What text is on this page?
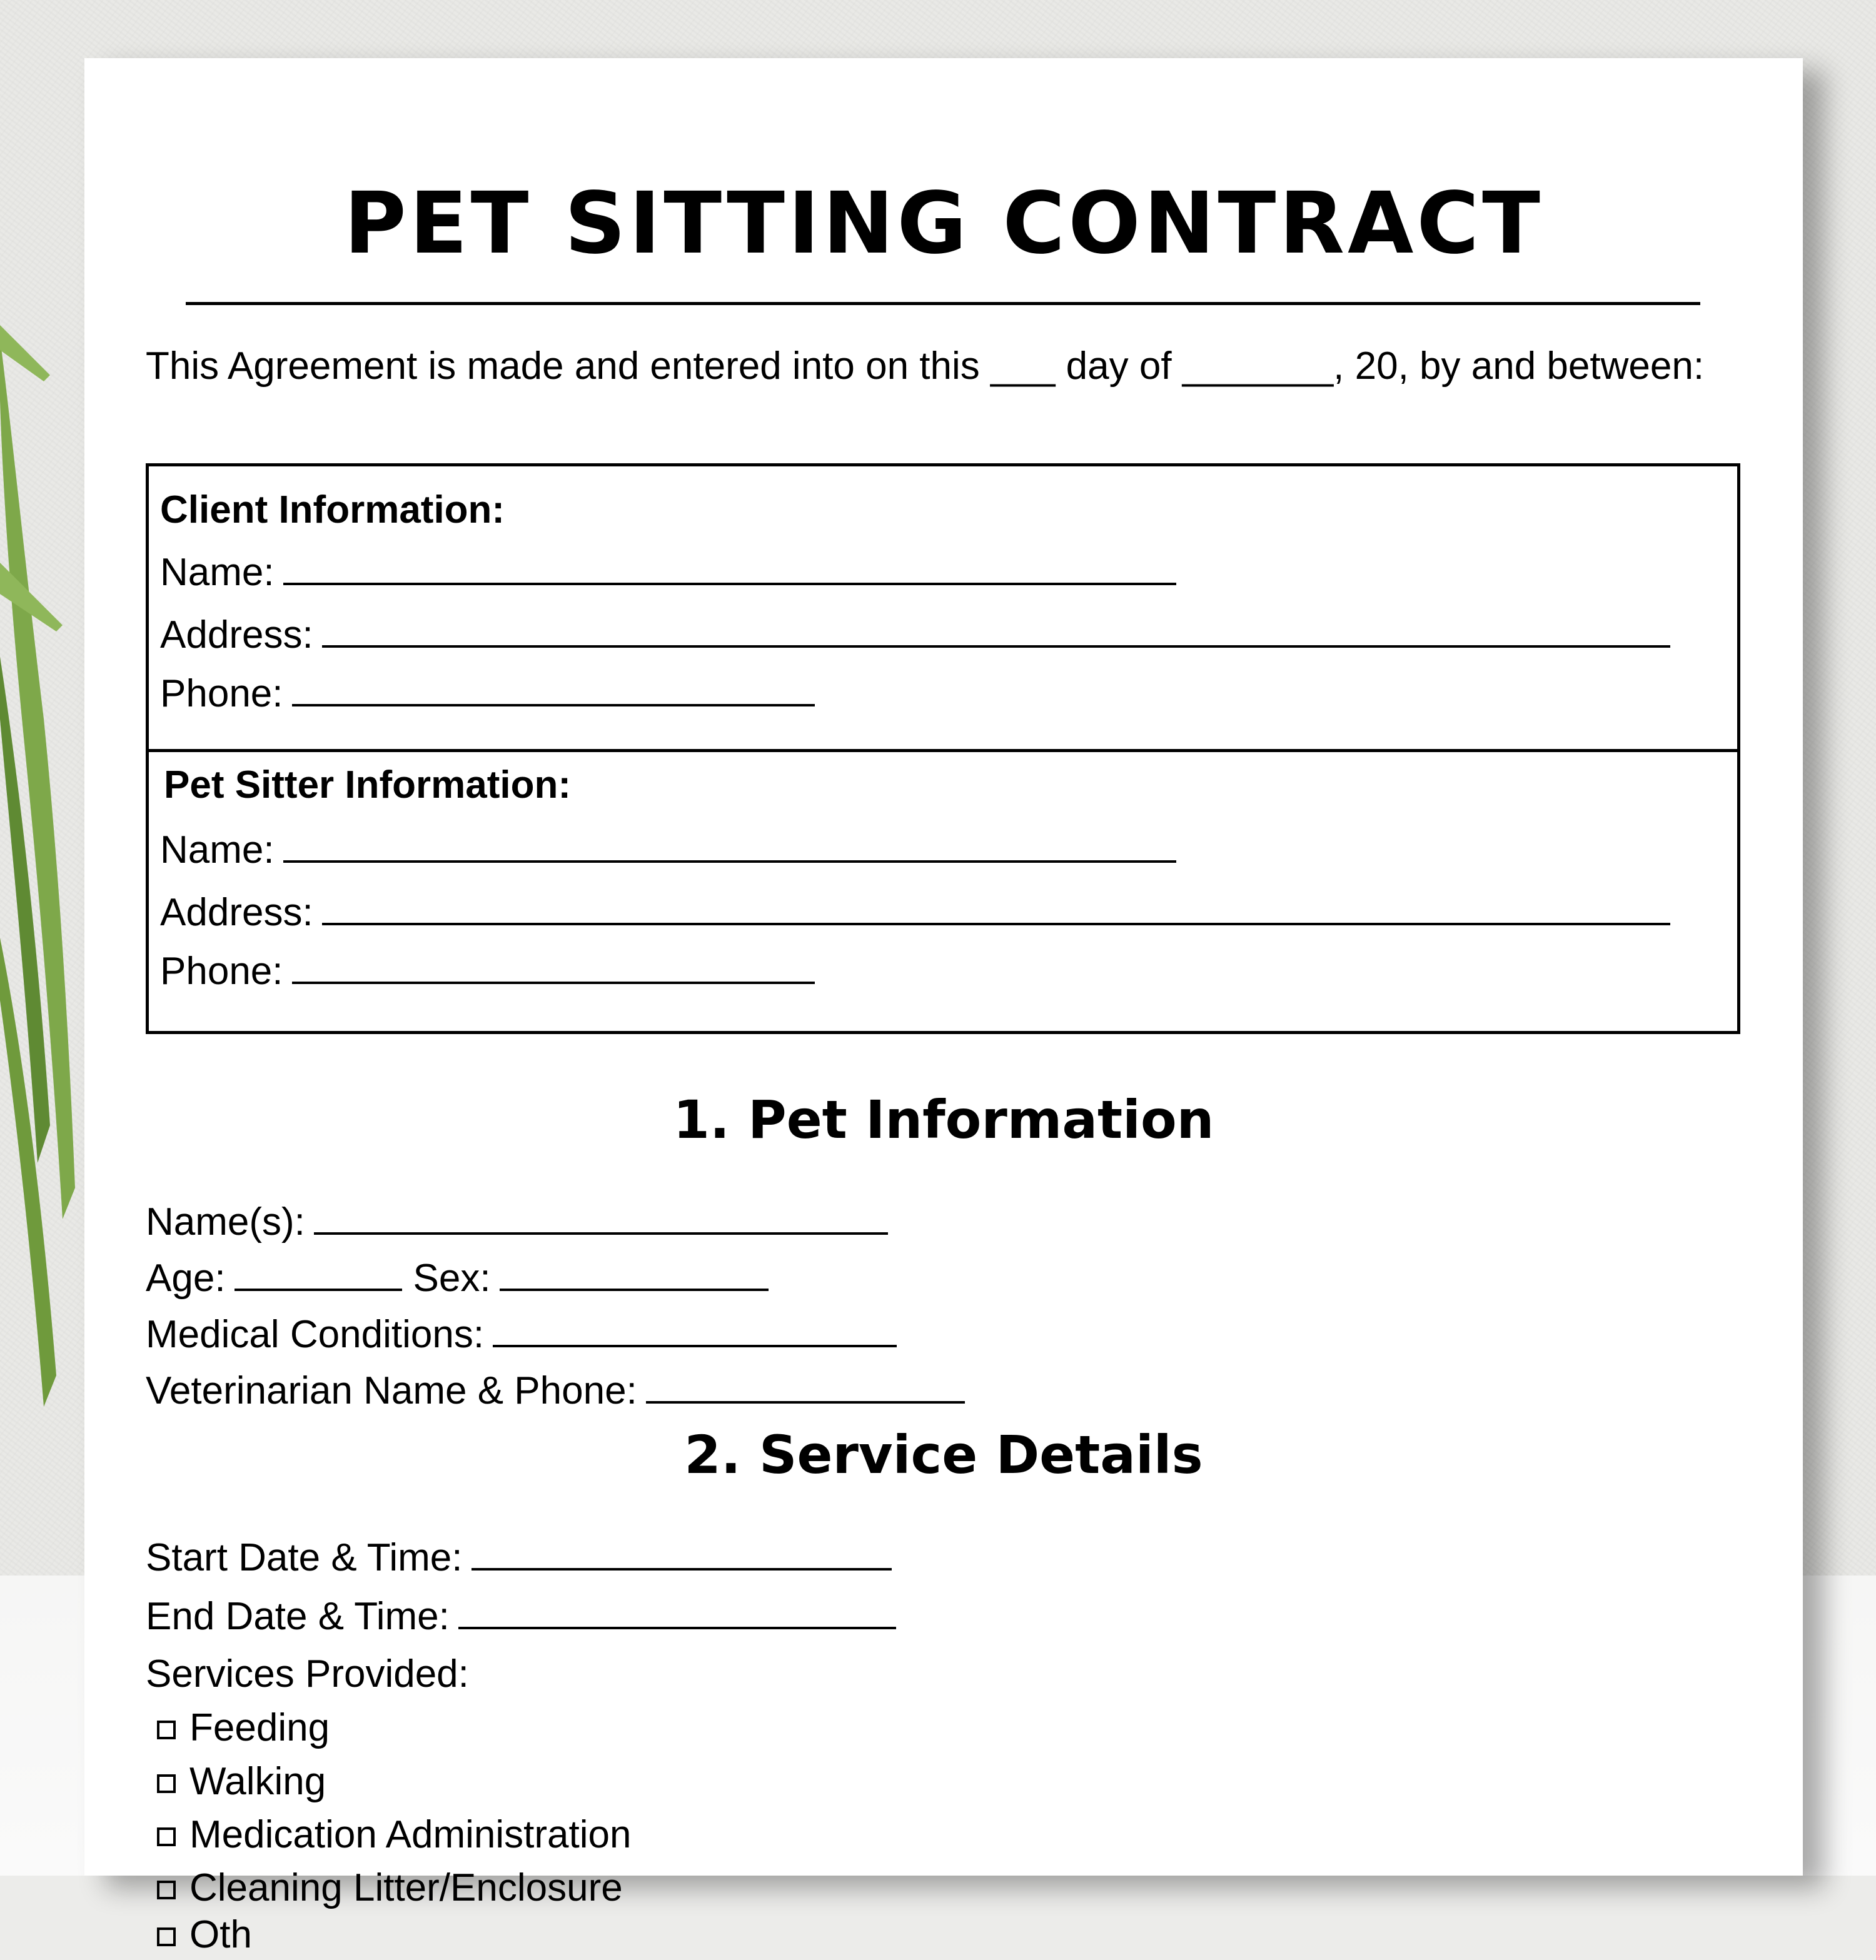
PET SITTING CONTRACT

This Agreement is made and entered into on this ___ day of _______, 20, by and between:

Client Information:
Name:
Address:
Phone:
Pet Sitter Information:
Name:
Address:
Phone:
1. Pet Information
Name(s):
Age:	Sex:
Medical Conditions:
Veterinarian Name & Phone:
2. Service Details
Start Date & Time:
End Date & Time:
Services Provided:
Feeding
Walking
Medication Administration
Cleaning Litter/Enclosure
Oth
